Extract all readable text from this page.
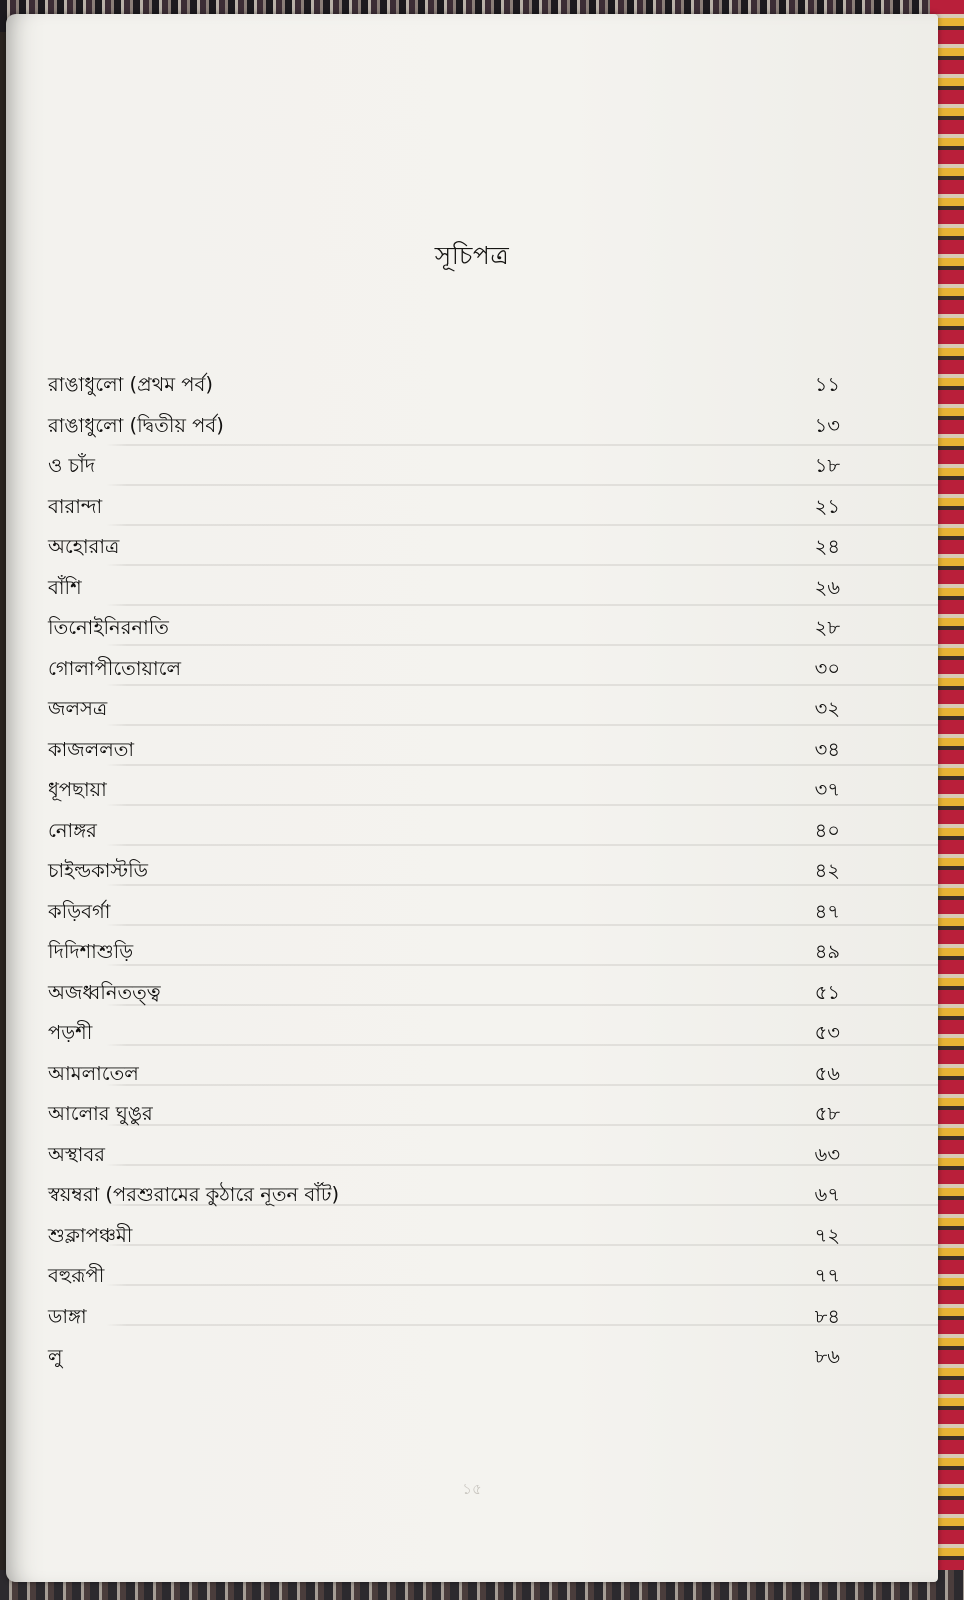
সূচিপত্র
রাঙাধুলো (প্রথম পর্ব)	১১
রাঙাধুলো (দ্বিতীয় পর্ব)	১৩
ও চাঁদ	১৮
বারান্দা	২১
অহোরাত্র	২৪
বাঁশি	২৬
তিনোইনিরনাতি	২৮
গোলাপীতোয়ালে	৩০
জলসত্র	৩২
কাজললতা	৩৪
ধূপছায়া	৩৭
নোঙ্গর	৪০
চাইল্ডকাস্টডি	৪২
কড়িবর্গা	৪৭
দিদিশাশুড়ি	৪৯
অজধ্বনিতত্ত্ব	৫১
পড়শী	৫৩
আমলাতেল	৫৬
আলোর ঘুঙুর	৫৮
অস্থাবর	৬৩
স্বয়ম্বরা (পরশুরামের কুঠারে নূতন বাঁট)	৬৭
শুক্লাপঞ্চমী	৭২
বহুরূপী	৭৭
ডাঙ্গা	৮৪
লু	৮৬
১৫
